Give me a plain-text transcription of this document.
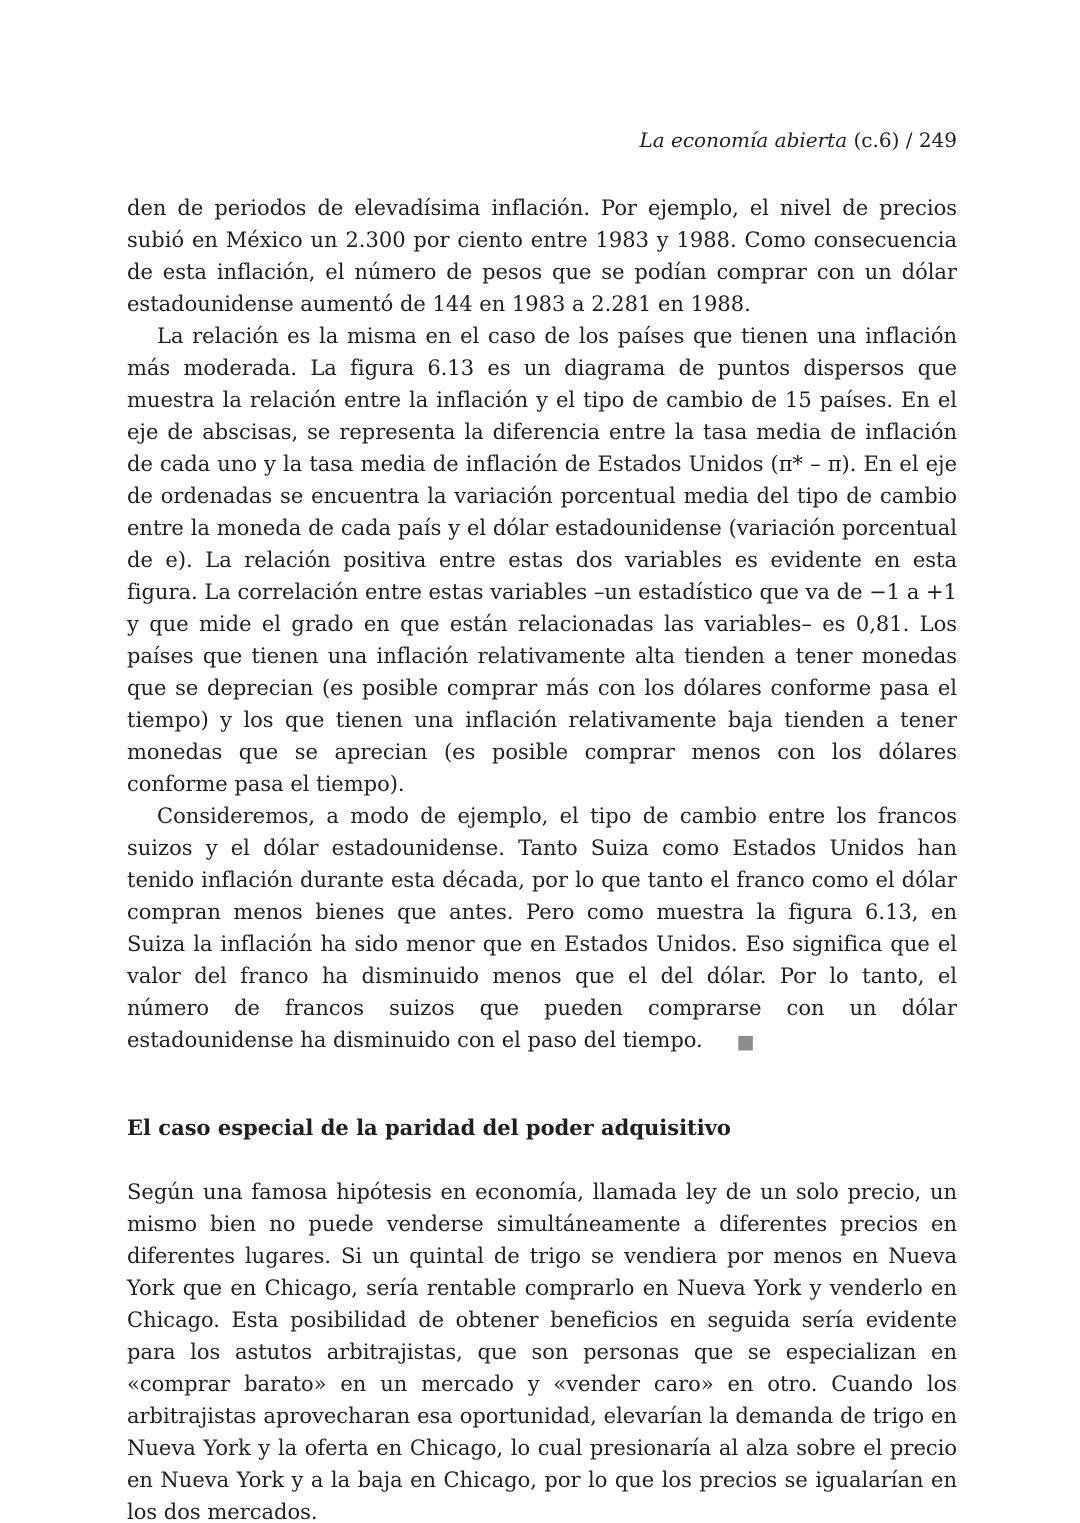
La economía abierta (c.6) / 249

den de periodos de elevadísima inflación. Por ejemplo, el nivel de precios subió en México un 2.300 por ciento entre 1983 y 1988. Como consecuencia de esta inflación, el número de pesos que se podían comprar con un dólar estadounidense aumentó de 144 en 1983 a 2.281 en 1988.

La relación es la misma en el caso de los países que tienen una inflación más moderada. La figura 6.13 es un diagrama de puntos dispersos que muestra la relación entre la inflación y el tipo de cambio de 15 países. En el eje de abscisas, se representa la diferencia entre la tasa media de inflación de cada uno y la tasa media de inflación de Estados Unidos (π* – π). En el eje de ordenadas se encuentra la variación porcentual media del tipo de cambio entre la moneda de cada país y el dólar estadounidense (variación porcentual de e). La relación positiva entre estas dos variables es evidente en esta figura. La correlación entre estas variables –un estadístico que va de −1 a +1 y que mide el grado en que están relacionadas las variables– es 0,81. Los países que tienen una inflación relativamente alta tienden a tener monedas que se deprecian (es posible comprar más con los dólares conforme pasa el tiempo) y los que tienen una inflación relativamente baja tienden a tener monedas que se aprecian (es posible comprar menos con los dólares conforme pasa el tiempo).

Consideremos, a modo de ejemplo, el tipo de cambio entre los francos suizos y el dólar estadounidense. Tanto Suiza como Estados Unidos han tenido inflación durante esta década, por lo que tanto el franco como el dólar compran menos bienes que antes. Pero como muestra la figura 6.13, en Suiza la inflación ha sido menor que en Estados Unidos. Eso significa que el valor del franco ha disminuido menos que el del dólar. Por lo tanto, el número de francos suizos que pueden comprarse con un dólar estadounidense ha disminuido con el paso del tiempo. ■

El caso especial de la paridad del poder adquisitivo

Según una famosa hipótesis en economía, llamada ley de un solo precio, un mismo bien no puede venderse simultáneamente a diferentes precios en diferentes lugares. Si un quintal de trigo se vendiera por menos en Nueva York que en Chicago, sería rentable comprarlo en Nueva York y venderlo en Chicago. Esta posibilidad de obtener beneficios en seguida sería evidente para los astutos arbitrajistas, que son personas que se especializan en «comprar barato» en un mercado y «vender caro» en otro. Cuando los arbitrajistas aprovecharan esa oportunidad, elevarían la demanda de trigo en Nueva York y la oferta en Chicago, lo cual presionaría al alza sobre el precio en Nueva York y a la baja en Chicago, por lo que los precios se igualarían en los dos mercados.
